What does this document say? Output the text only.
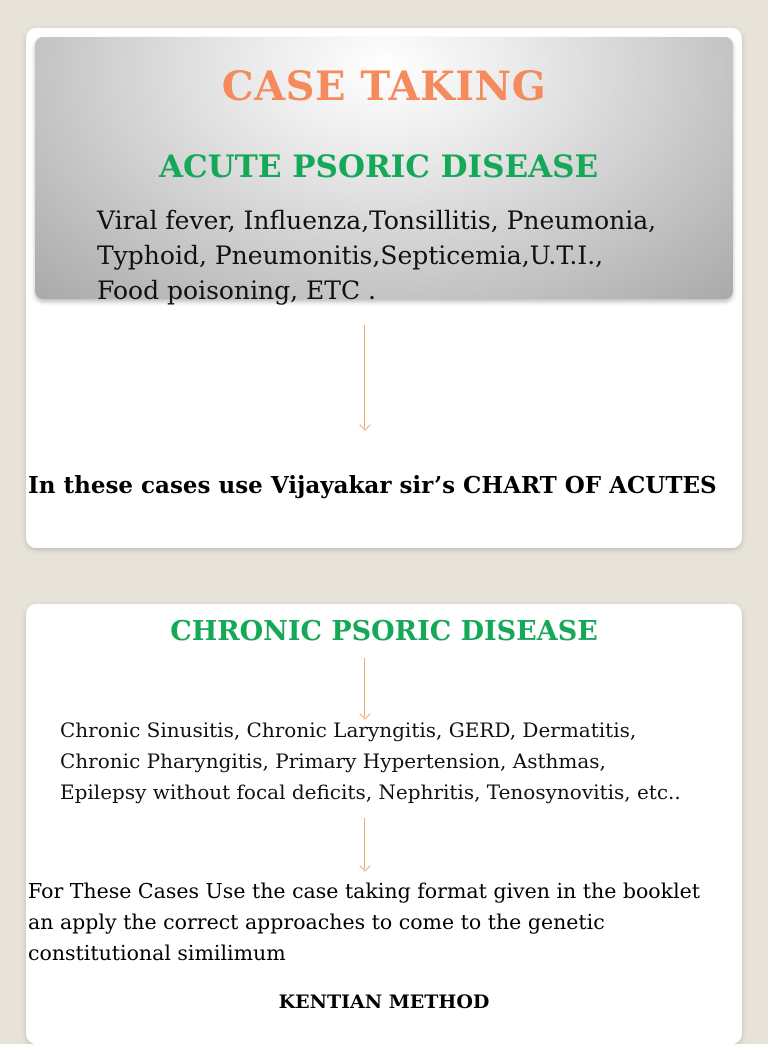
CASE TAKING
ACUTE PSORIC DISEASE
Viral fever, Influenza,Tonsillitis, Pneumonia,
Typhoid, Pneumonitis,Septicemia,U.T.I.,
Food poisoning, ETC .
In these cases use Vijayakar sir’s CHART OF ACUTES
CHRONIC PSORIC DISEASE
Chronic Sinusitis, Chronic Laryngitis, GERD, Dermatitis,
Chronic Pharyngitis, Primary Hypertension, Asthmas,
Epilepsy without focal deficits, Nephritis, Tenosynovitis, etc..
For These Cases Use the case taking format given in the booklet
an apply the correct approaches to come to the genetic
constitutional similimum
KENTIAN METHOD
